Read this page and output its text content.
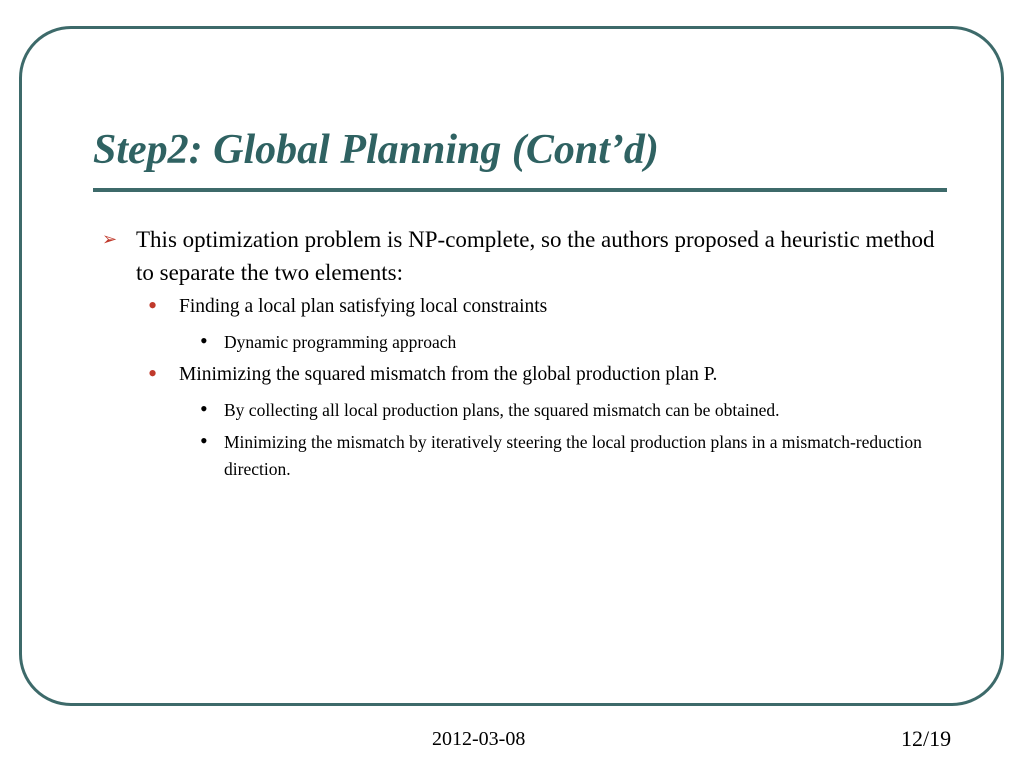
Step2: Global Planning (Cont’d)
➢ This optimization problem is NP-complete, so the authors proposed a heuristic method to separate the two elements:
• Finding a local plan satisfying local constraints
• Dynamic programming approach
• Minimizing the squared mismatch from the global production plan P.
• By collecting all local production plans, the squared mismatch can be obtained.
• Minimizing the mismatch by iteratively steering the local production plans in a mismatch-reduction direction.
2012-03-08	12/19
